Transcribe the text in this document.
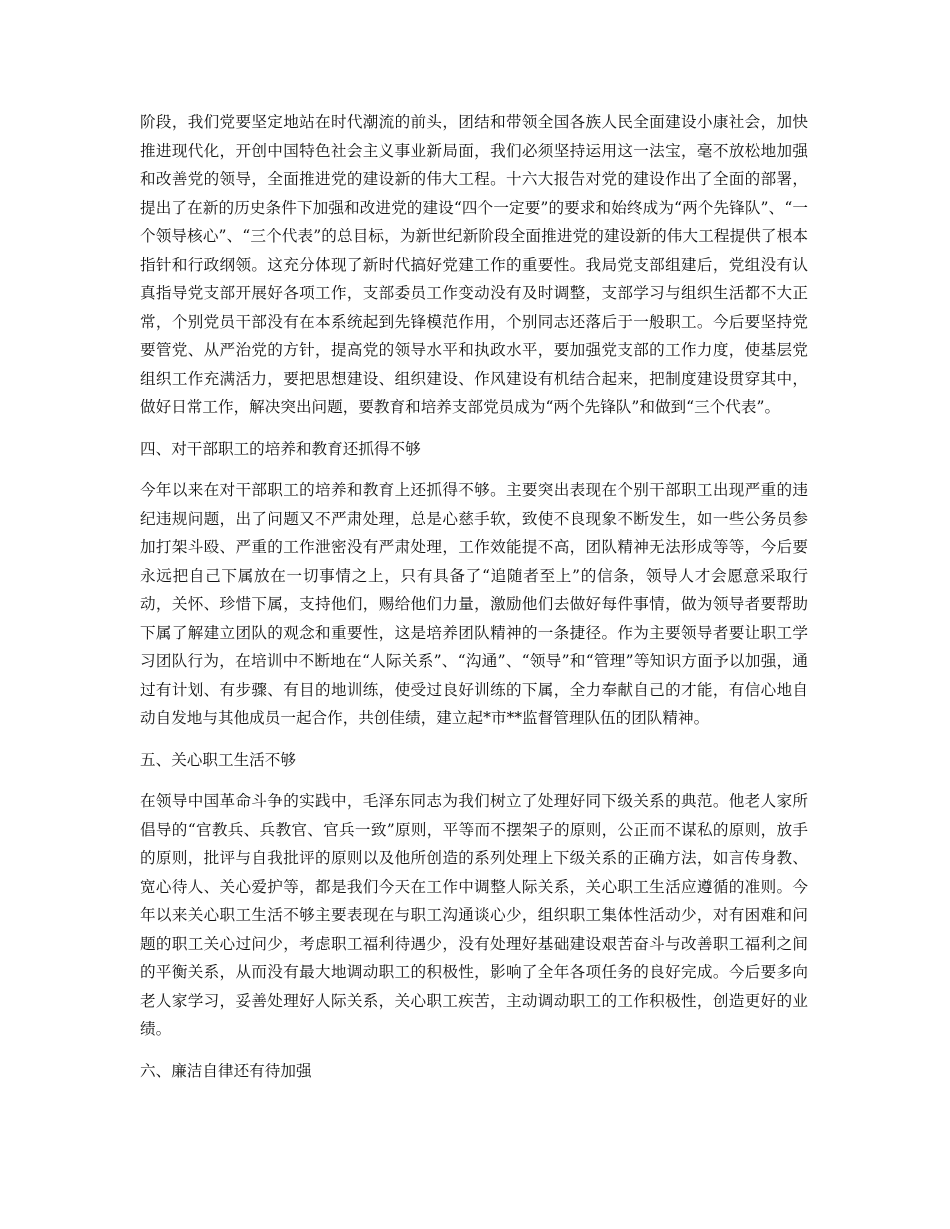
阶段，我们党要坚定地站在时代潮流的前头，团结和带领全国各族人民全面建设小康社会，加快推进现代化，开创中国特色社会主义事业新局面，我们必须坚持运用这一法宝，毫不放松地加强和改善党的领导，全面推进党的建设新的伟大工程。十六大报告对党的建设作出了全面的部署，提出了在新的历史条件下加强和改进党的建设“四个一定要”的要求和始终成为“两个先锋队”、“一个领导核心”、“三个代表”的总目标，为新世纪新阶段全面推进党的建设新的伟大工程提供了根本指针和行政纲领。这充分体现了新时代搞好党建工作的重要性。我局党支部组建后，党组没有认真指导党支部开展好各项工作，支部委员工作变动没有及时调整，支部学习与组织生活都不大正常，个别党员干部没有在本系统起到先锋模范作用，个别同志还落后于一般职工。今后要坚持党要管党、从严治党的方针，提高党的领导水平和执政水平，要加强党支部的工作力度，使基层党组织工作充满活力，要把思想建设、组织建设、作风建设有机结合起来，把制度建设贯穿其中，做好日常工作，解决突出问题，要教育和培养支部党员成为“两个先锋队”和做到“三个代表”。

四、对干部职工的培养和教育还抓得不够

今年以来在对干部职工的培养和教育上还抓得不够。主要突出表现在个别干部职工出现严重的违纪违规问题，出了问题又不严肃处理，总是心慈手软，致使不良现象不断发生，如一些公务员参加打架斗殴、严重的工作泄密没有严肃处理，工作效能提不高，团队精神无法形成等等，今后要永远把自己下属放在一切事情之上，只有具备了“追随者至上”的信条，领导人才会愿意采取行动，关怀、珍惜下属，支持他们，赐给他们力量，激励他们去做好每件事情，做为领导者要帮助下属了解建立团队的观念和重要性，这是培养团队精神的一条捷径。作为主要领导者要让职工学习团队行为，在培训中不断地在“人际关系”、“沟通”、“领导”和“管理”等知识方面予以加强，通过有计划、有步骤、有目的地训练，使受过良好训练的下属，全力奉献自己的才能，有信心地自动自发地与其他成员一起合作，共创佳绩，建立起*市**监督管理队伍的团队精神。

五、关心职工生活不够

在领导中国革命斗争的实践中，毛泽东同志为我们树立了处理好同下级关系的典范。他老人家所倡导的“官教兵、兵教官、官兵一致”原则，平等而不摆架子的原则，公正而不谋私的原则，放手的原则，批评与自我批评的原则以及他所创造的系列处理上下级关系的正确方法，如言传身教、宽心待人、关心爱护等，都是我们今天在工作中调整人际关系，关心职工生活应遵循的准则。今年以来关心职工生活不够主要表现在与职工沟通谈心少，组织职工集体性活动少，对有困难和问题的职工关心过问少，考虑职工福利待遇少，没有处理好基础建设艰苦奋斗与改善职工福利之间的平衡关系，从而没有最大地调动职工的积极性，影响了全年各项任务的良好完成。今后要多向老人家学习，妥善处理好人际关系，关心职工疾苦，主动调动职工的工作积极性，创造更好的业绩。

六、廉洁自律还有待加强
